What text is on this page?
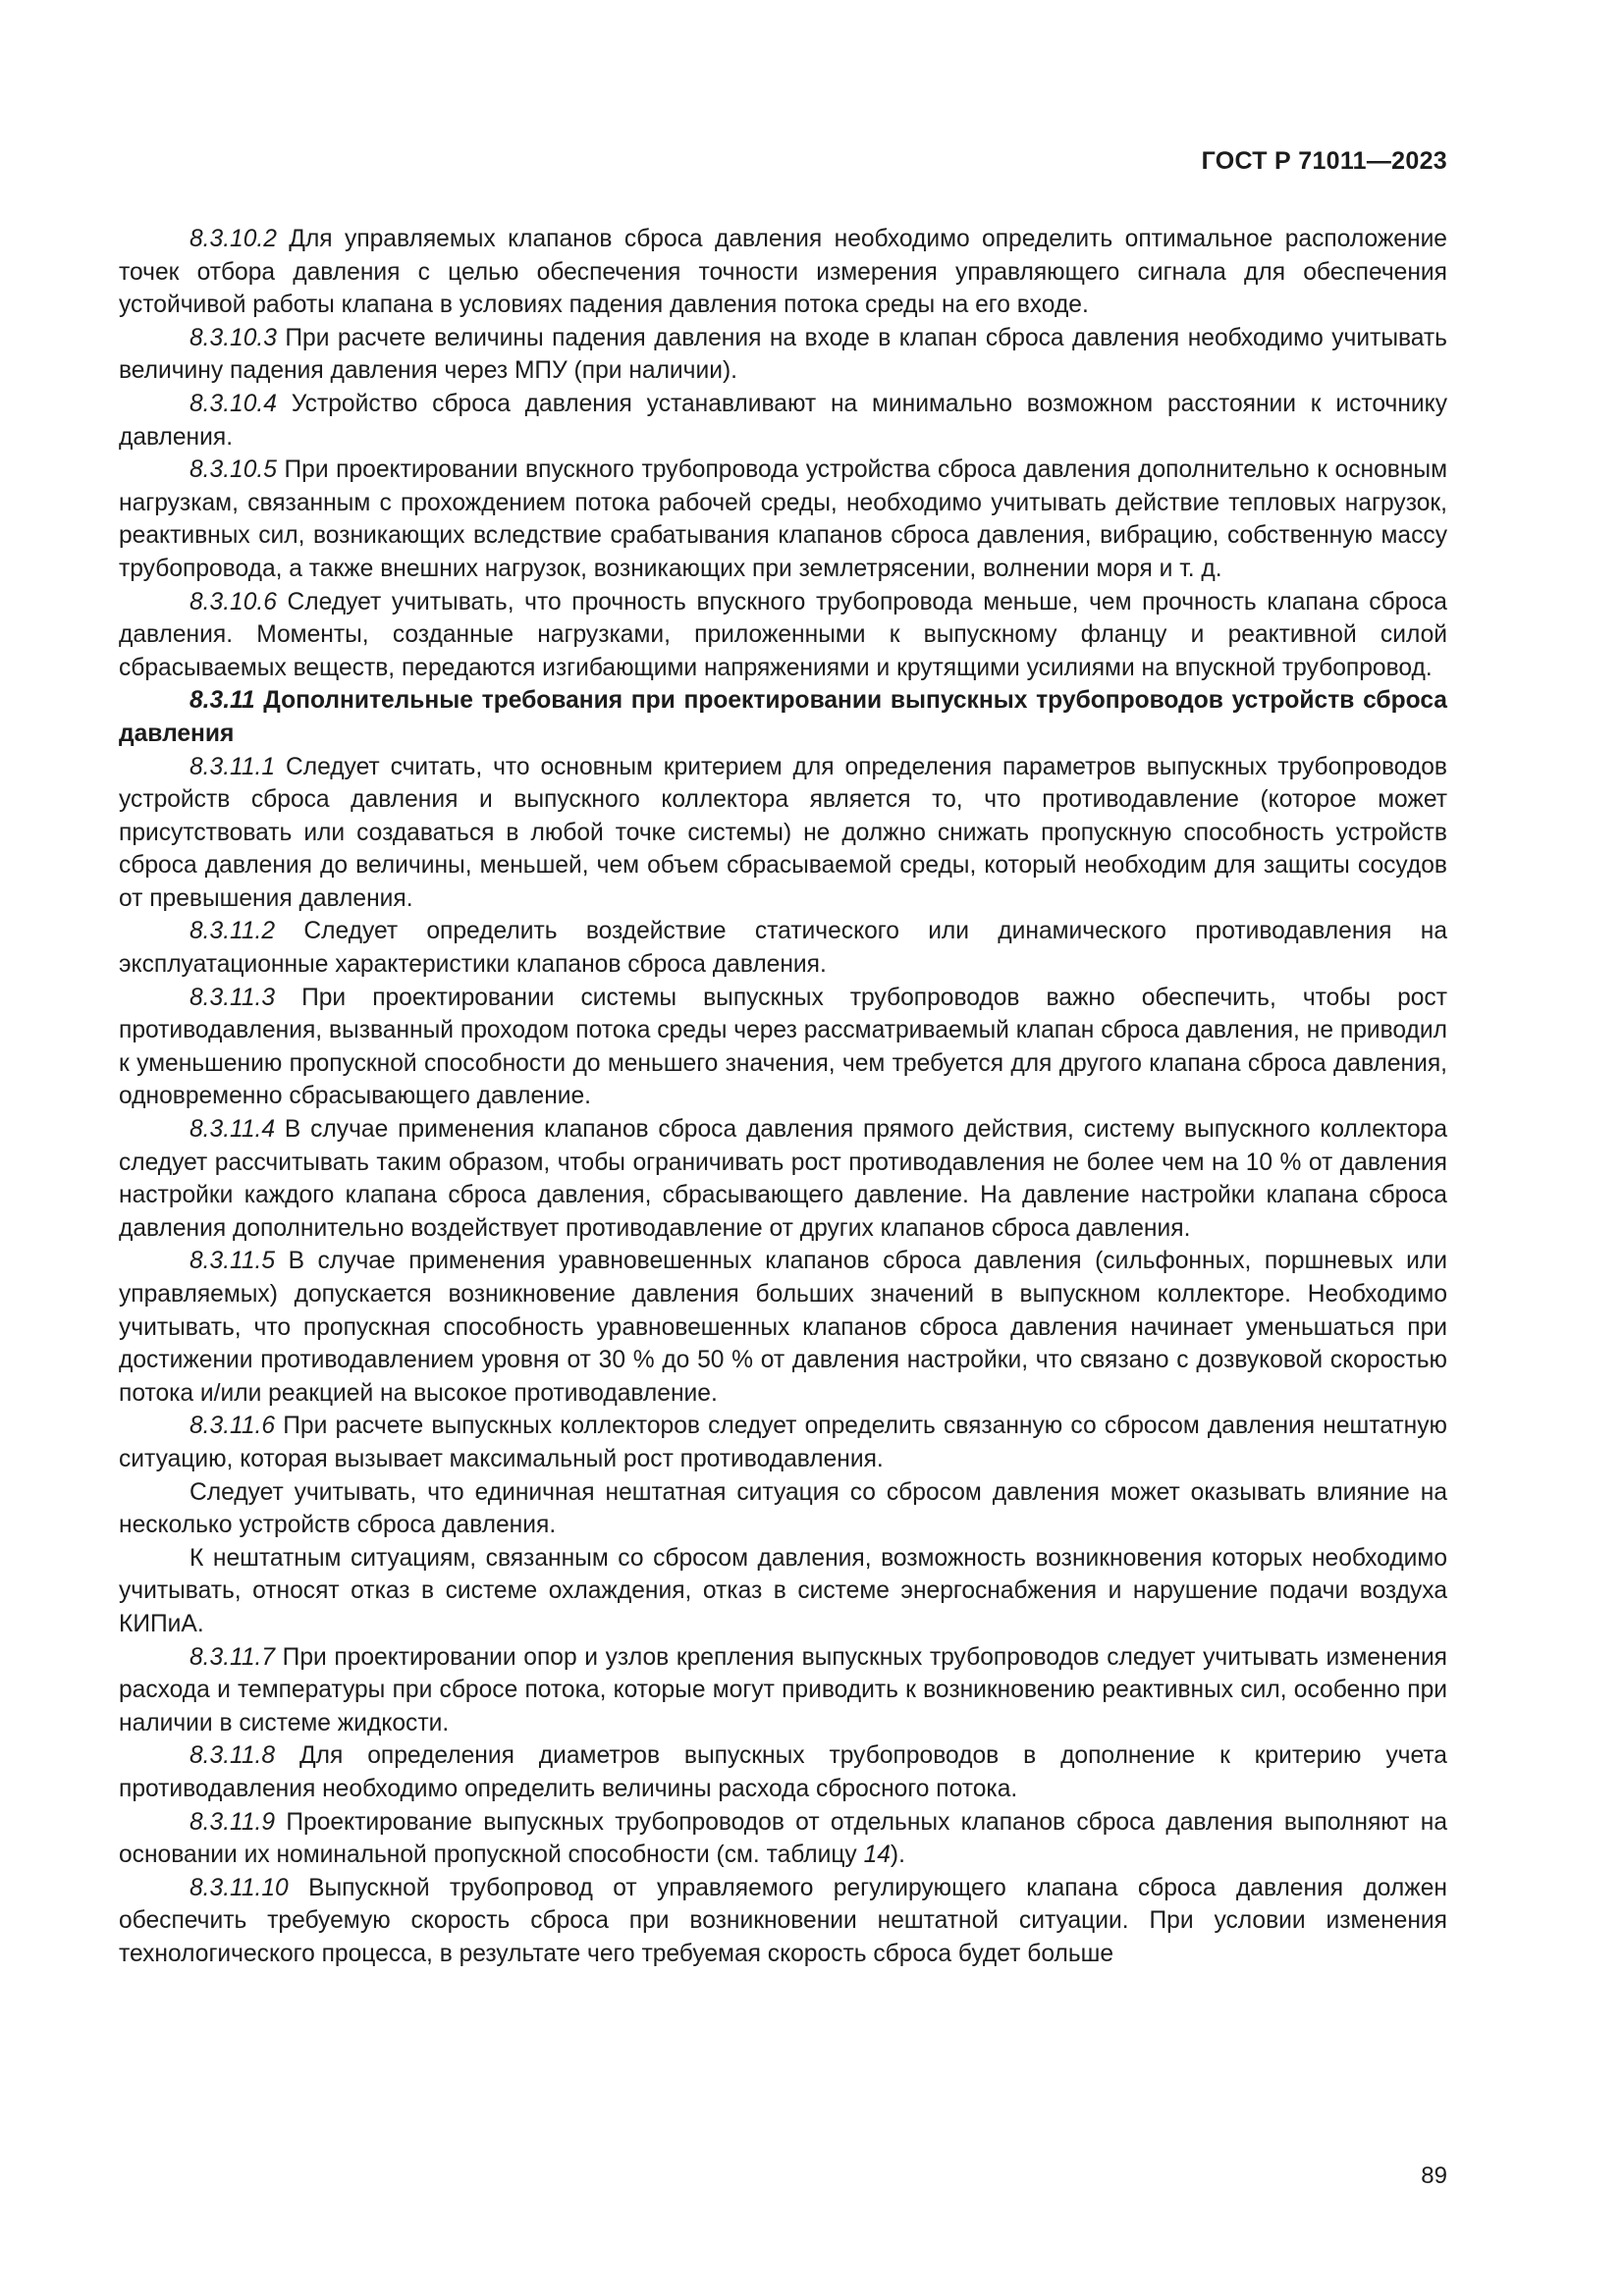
ГОСТ Р 71011—2023

8.3.10.2 Для управляемых клапанов сброса давления необходимо определить оптимальное расположение точек отбора давления с целью обеспечения точности измерения управляющего сигнала для обеспечения устойчивой работы клапана в условиях падения давления потока среды на его входе.

8.3.10.3 При расчете величины падения давления на входе в клапан сброса давления необходимо учитывать величину падения давления через МПУ (при наличии).

8.3.10.4 Устройство сброса давления устанавливают на минимально возможном расстоянии к источнику давления.

8.3.10.5 При проектировании впускного трубопровода устройства сброса давления дополнительно к основным нагрузкам, связанным с прохождением потока рабочей среды, необходимо учитывать действие тепловых нагрузок, реактивных сил, возникающих вследствие срабатывания клапанов сброса давления, вибрацию, собственную массу трубопровода, а также внешних нагрузок, возникающих при землетрясении, волнении моря и т. д.

8.3.10.6 Следует учитывать, что прочность впускного трубопровода меньше, чем прочность клапана сброса давления. Моменты, созданные нагрузками, приложенными к выпускному фланцу и реактивной силой сбрасываемых веществ, передаются изгибающими напряжениями и крутящими усилиями на впускной трубопровод.

8.3.11 Дополнительные требования при проектировании выпускных трубопроводов устройств сброса давления

8.3.11.1 Следует считать, что основным критерием для определения параметров выпускных трубопроводов устройств сброса давления и выпускного коллектора является то, что противодавление (которое может присутствовать или создаваться в любой точке системы) не должно снижать пропускную способность устройств сброса давления до величины, меньшей, чем объем сбрасываемой среды, который необходим для защиты сосудов от превышения давления.

8.3.11.2 Следует определить воздействие статического или динамического противодавления на эксплуатационные характеристики клапанов сброса давления.

8.3.11.3 При проектировании системы выпускных трубопроводов важно обеспечить, чтобы рост противодавления, вызванный проходом потока среды через рассматриваемый клапан сброса давления, не приводил к уменьшению пропускной способности до меньшего значения, чем требуется для другого клапана сброса давления, одновременно сбрасывающего давление.

8.3.11.4 В случае применения клапанов сброса давления прямого действия, систему выпускного коллектора следует рассчитывать таким образом, чтобы ограничивать рост противодавления не более чем на 10 % от давления настройки каждого клапана сброса давления, сбрасывающего давление. На давление настройки клапана сброса давления дополнительно воздействует противодавление от других клапанов сброса давления.

8.3.11.5 В случае применения уравновешенных клапанов сброса давления (сильфонных, поршневых или управляемых) допускается возникновение давления больших значений в выпускном коллекторе. Необходимо учитывать, что пропускная способность уравновешенных клапанов сброса давления начинает уменьшаться при достижении противодавлением уровня от 30 % до 50 % от давления настройки, что связано с дозвуковой скоростью потока и/или реакцией на высокое противодавление.

8.3.11.6 При расчете выпускных коллекторов следует определить связанную со сбросом давления нештатную ситуацию, которая вызывает максимальный рост противодавления.

Следует учитывать, что единичная нештатная ситуация со сбросом давления может оказывать влияние на несколько устройств сброса давления.

К нештатным ситуациям, связанным со сбросом давления, возможность возникновения которых необходимо учитывать, относят отказ в системе охлаждения, отказ в системе энергоснабжения и нарушение подачи воздуха КИПиА.

8.3.11.7 При проектировании опор и узлов крепления выпускных трубопроводов следует учитывать изменения расхода и температуры при сбросе потока, которые могут приводить к возникновению реактивных сил, особенно при наличии в системе жидкости.

8.3.11.8 Для определения диаметров выпускных трубопроводов в дополнение к критерию учета противодавления необходимо определить величины расхода сбросного потока.

8.3.11.9 Проектирование выпускных трубопроводов от отдельных клапанов сброса давления выполняют на основании их номинальной пропускной способности (см. таблицу 14).

8.3.11.10 Выпускной трубопровод от управляемого регулирующего клапана сброса давления должен обеспечить требуемую скорость сброса при возникновении нештатной ситуации. При условии изменения технологического процесса, в результате чего требуемая скорость сброса будет больше

89
